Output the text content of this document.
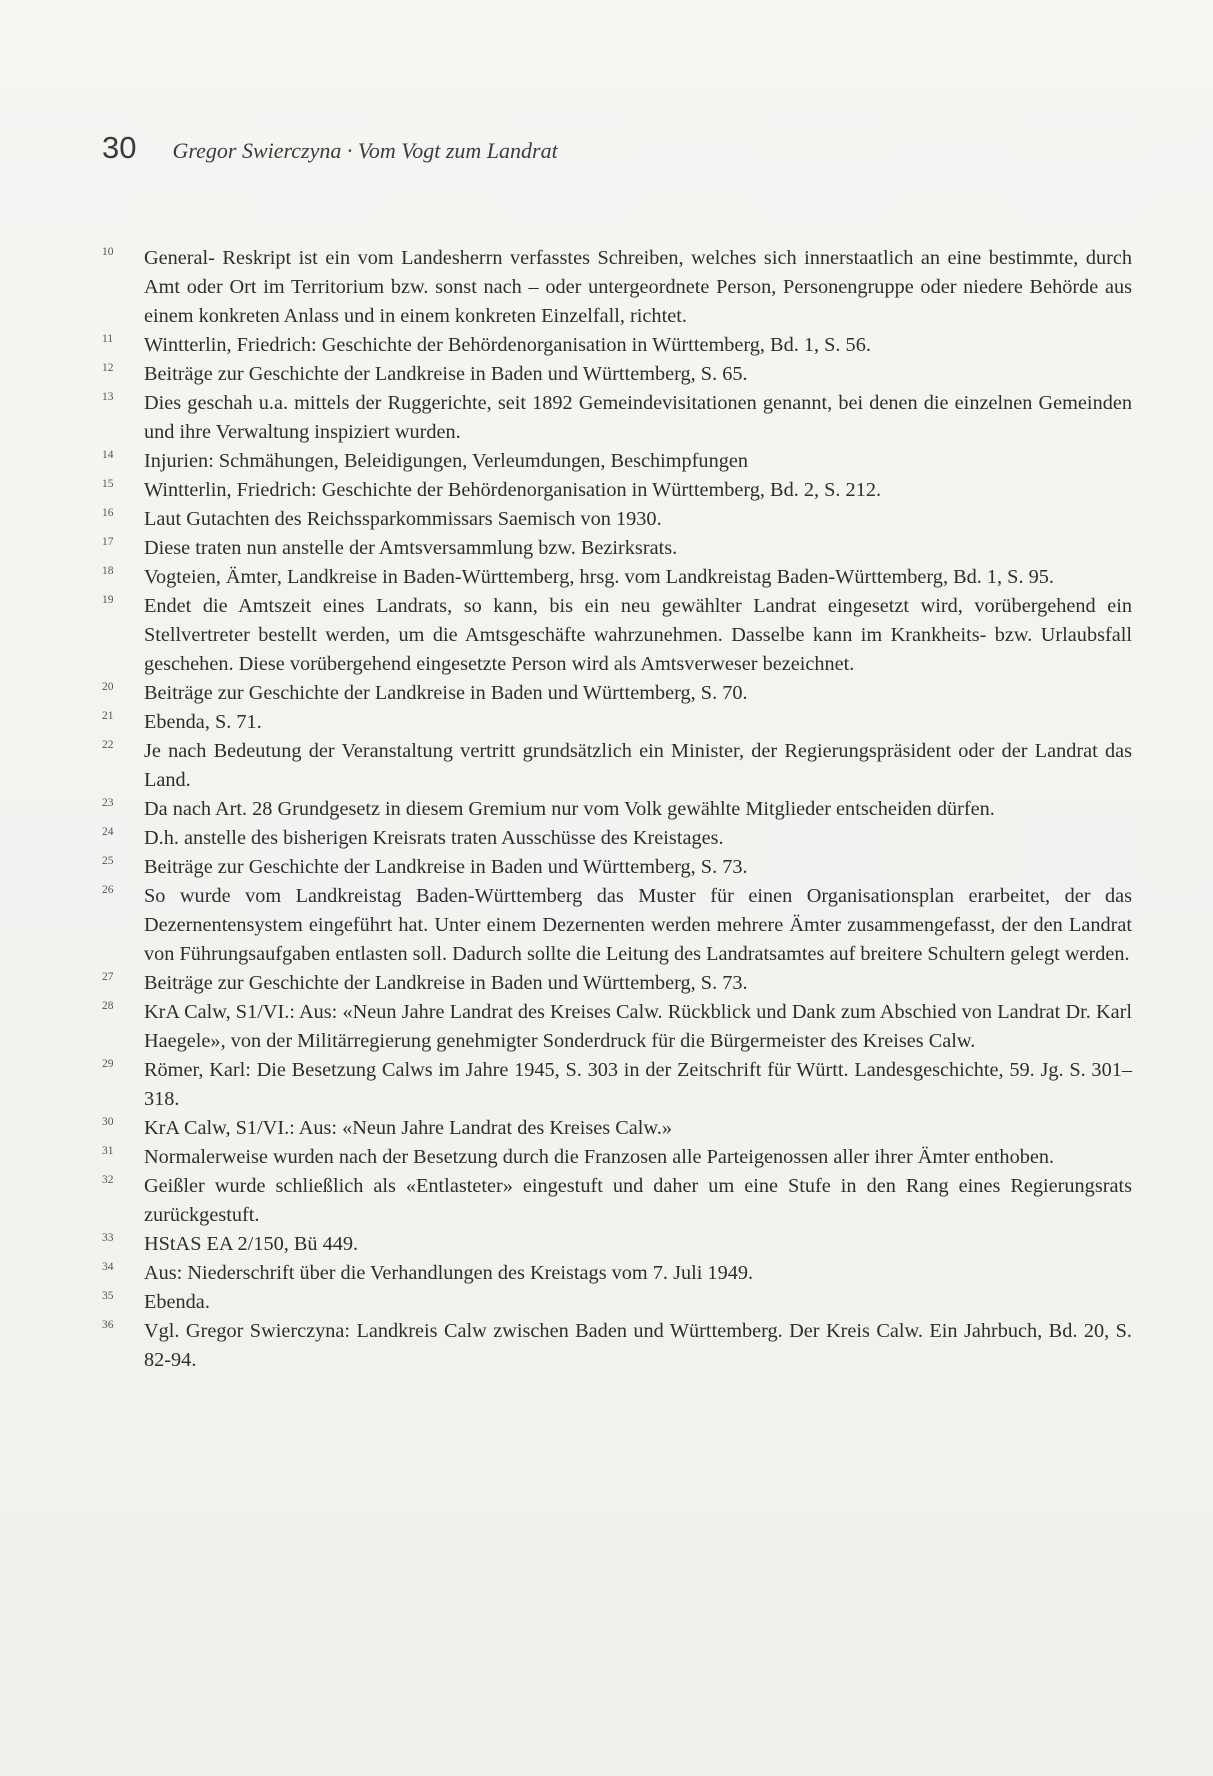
30 Gregor Swierczyna · Vom Vogt zum Landrat
10	General- Reskript ist ein vom Landesherrn verfasstes Schreiben, welches sich innerstaatlich an eine bestimmte, durch Amt oder Ort im Territorium bzw. sonst nach – oder untergeordnete Person, Personengruppe oder niedere Behörde aus einem konkreten Anlass und in einem konkreten Einzelfall, richtet.
11	Wintterlin, Friedrich: Geschichte der Behördenorganisation in Württemberg, Bd. 1, S. 56.
12	Beiträge zur Geschichte der Landkreise in Baden und Württemberg, S. 65.
13	Dies geschah u.a. mittels der Ruggerichte, seit 1892 Gemeindevisitationen genannt, bei denen die einzelnen Gemeinden und ihre Verwaltung inspiziert wurden.
14	Injurien: Schmähungen, Beleidigungen, Verleumdungen, Beschimpfungen
15	Wintterlin, Friedrich: Geschichte der Behördenorganisation in Württemberg, Bd. 2, S. 212.
16	Laut Gutachten des Reichssparkommissars Saemisch von 1930.
17	Diese traten nun anstelle der Amtsversammlung bzw. Bezirksrats.
18	Vogteien, Ämter, Landkreise in Baden-Württemberg, hrsg. vom Landkreistag Baden-Württemberg, Bd. 1, S. 95.
19	Endet die Amtszeit eines Landrats, so kann, bis ein neu gewählter Landrat eingesetzt wird, vorübergehend ein Stellvertreter bestellt werden, um die Amtsgeschäfte wahrzunehmen. Dasselbe kann im Krankheits- bzw. Urlaubsfall geschehen. Diese vorübergehend eingesetzte Person wird als Amtsverweser bezeichnet.
20	Beiträge zur Geschichte der Landkreise in Baden und Württemberg, S. 70.
21	Ebenda, S. 71.
22	Je nach Bedeutung der Veranstaltung vertritt grundsätzlich ein Minister, der Regierungspräsident oder der Landrat das Land.
23	Da nach Art. 28 Grundgesetz in diesem Gremium nur vom Volk gewählte Mitglieder entscheiden dürfen.
24	D.h. anstelle des bisherigen Kreisrats traten Ausschüsse des Kreistages.
25	Beiträge zur Geschichte der Landkreise in Baden und Württemberg, S. 73.
26	So wurde vom Landkreistag Baden-Württemberg das Muster für einen Organisationsplan erarbeitet, der das Dezernentensystem eingeführt hat. Unter einem Dezernenten werden mehrere Ämter zusammengefasst, der den Landrat von Führungsaufgaben entlasten soll. Dadurch sollte die Leitung des Landratsamtes auf breitere Schultern gelegt werden.
27	Beiträge zur Geschichte der Landkreise in Baden und Württemberg, S. 73.
28	KrA Calw, S1/VI.: Aus: «Neun Jahre Landrat des Kreises Calw. Rückblick und Dank zum Abschied von Landrat Dr. Karl Haegele», von der Militärregierung genehmigter Sonderdruck für die Bürgermeister des Kreises Calw.
29	Römer, Karl: Die Besetzung Calws im Jahre 1945, S. 303 in der Zeitschrift für Württ. Landesgeschichte, 59. Jg. S. 301–318.
30	KrA Calw, S1/VI.: Aus: «Neun Jahre Landrat des Kreises Calw.»
31	Normalerweise wurden nach der Besetzung durch die Franzosen alle Parteigenossen aller ihrer Ämter enthoben.
32	Geißler wurde schließlich als «Entlasteter» eingestuft und daher um eine Stufe in den Rang eines Regierungsrats zurückgestuft.
33	HStAS EA 2/150, Bü 449.
34	Aus: Niederschrift über die Verhandlungen des Kreistags vom 7. Juli 1949.
35	Ebenda.
36	Vgl. Gregor Swierczyna: Landkreis Calw zwischen Baden und Württemberg. Der Kreis Calw. Ein Jahrbuch, Bd. 20, S. 82-94.
